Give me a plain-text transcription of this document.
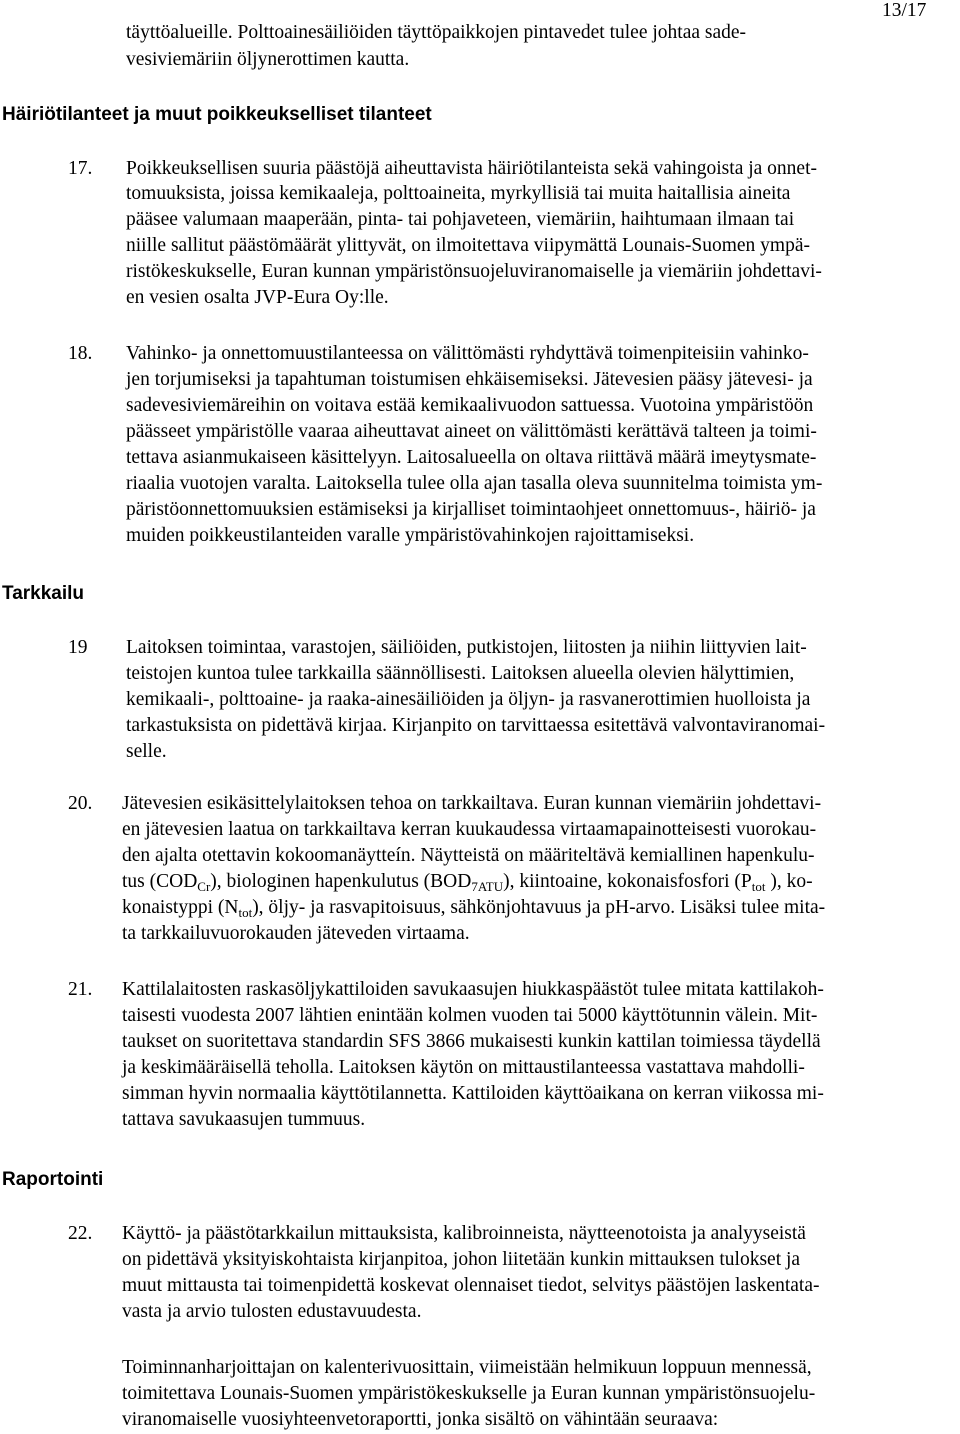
13/17
täyttöalueille. Polttoainesäiliöiden täyttöpaikkojen pintavedet tulee johtaa sade-
vesiviemäriin öljynerottimen kautta.
Häiriötilanteet ja muut poikkeukselliset tilanteet
17. Poikkeuksellisen suuria päästöjä aiheuttavista häiriötilanteista sekä vahingoista ja onnet-
tomuuksista, joissa kemikaaleja, polttoaineita, myrkyllisiä tai muita haitallisia aineita
pääsee valumaan maaperään, pinta- tai pohjaveteen, viemäriin, haihtumaan ilmaan tai
niille sallitut päästömäärät ylittyvät, on ilmoitettava viipymättä Lounais-Suomen ympä-
ristökeskukselle, Euran kunnan ympäristönsuojeluviranomaiselle ja viemäriin johdettavi-
en vesien osalta JVP-Eura Oy:lle.
18. Vahinko- ja onnettomuustilanteessa on välittömästi ryhdyttävä toimenpiteisiin vahinko-
jen torjumiseksi ja tapahtuman toistumisen ehkäisemiseksi. Jätevesien pääsy jätevesi- ja
sadevesiviemäreihin on voitava estää kemikaalivuodon sattuessa. Vuotoina ympäristöön
päässeet ympäristölle vaaraa aiheuttavat aineet on välittömästi kerättävä talteen ja toimi-
tettava asianmukaiseen käsittelyyn. Laitosalueella on oltava riittävä määrä imeytysmate-
riaalia vuotojen varalta. Laitoksella tulee olla ajan tasalla oleva suunnitelma toimista ym-
päristöonnettomuuksien estämiseksi ja kirjalliset toimintaohjeet onnettomuus-, häiriö- ja
muiden poikkeustilanteiden varalle ympäristövahinkojen rajoittamiseksi.
Tarkkailu
19 Laitoksen toimintaa, varastojen, säiliöiden, putkistojen, liitosten ja niihin liittyvien lait-
teistojen kuntoa tulee tarkkailla säännöllisesti. Laitoksen alueella olevien hälyttimien,
kemikaali-, polttoaine- ja raaka-ainesäiliöiden ja öljyn- ja rasvanerottimien huolloista ja
tarkastuksista on pidettävä kirjaa. Kirjanpito on tarvittaessa esitettävä valvontaviranomai-
selle.
20. Jätevesien esikäsittelylaitoksen tehoa on tarkkailtava. Euran kunnan viemäriin johdettavi-
en jätevesien laatua on tarkkailtava kerran kuukaudessa virtaamapainotteisesti vuorokau-
den ajalta otettavin kokoomanäytteín. Näytteistä on määriteltävä kemiallinen hapenkulu-
tus $(COD_{Cr})$, biologinen hapenkulutus $(BOD_{7ATU})$, kiintoaine, kokonaisfosfori ($P_{tot}$ ), ko-
konaistyppi $(N_{tot})$, öljy- ja rasvapitoisuus, sähkönjohtavuus ja pH-arvo. Lisäksi tulee mita-
ta tarkkailuvuorokauden jäteveden virtaama.
21. Kattilalaitosten raskasöljykattiloiden savukaasujen hiukkaspäästöt tulee mitata kattilakoh-
taisesti vuodesta 2007 lähtien enintään kolmen vuoden tai 5000 käyttötunnin välein. Mit-
taukset on suoritettava standardin SFS 3866 mukaisesti kunkin kattilan toimiessa täydellä
ja keskimääräisellä teholla. Laitoksen käytön on mittaustilanteessa vastattava mahdolli-
simman hyvin normaalia käyttötilannetta. Kattiloiden käyttöaikana on kerran viikossa mi-
tattava savukaasujen tummuus.
Raportointi
22. Käyttö- ja päästötarkkailun mittauksista, kalibroinneista, näytteenotoista ja analyyseistä
on pidettävä yksityiskohtaista kirjanpitoa, johon liitetään kunkin mittauksen tulokset ja
muut mittausta tai toimenpidettä koskevat olennaiset tiedot, selvitys päästöjen laskentata-
vasta ja arvio tulosten edustavuudesta.
Toiminnanharjoittajan on kalenterivuosittain, viimeistään helmikuun loppuun mennessä,
toimitettava Lounais-Suomen ympäristökeskukselle ja Euran kunnan ympäristönsuojelu-
viranomaiselle vuosiyhteenvetoraportti, jonka sisältö on vähintään seuraava:
